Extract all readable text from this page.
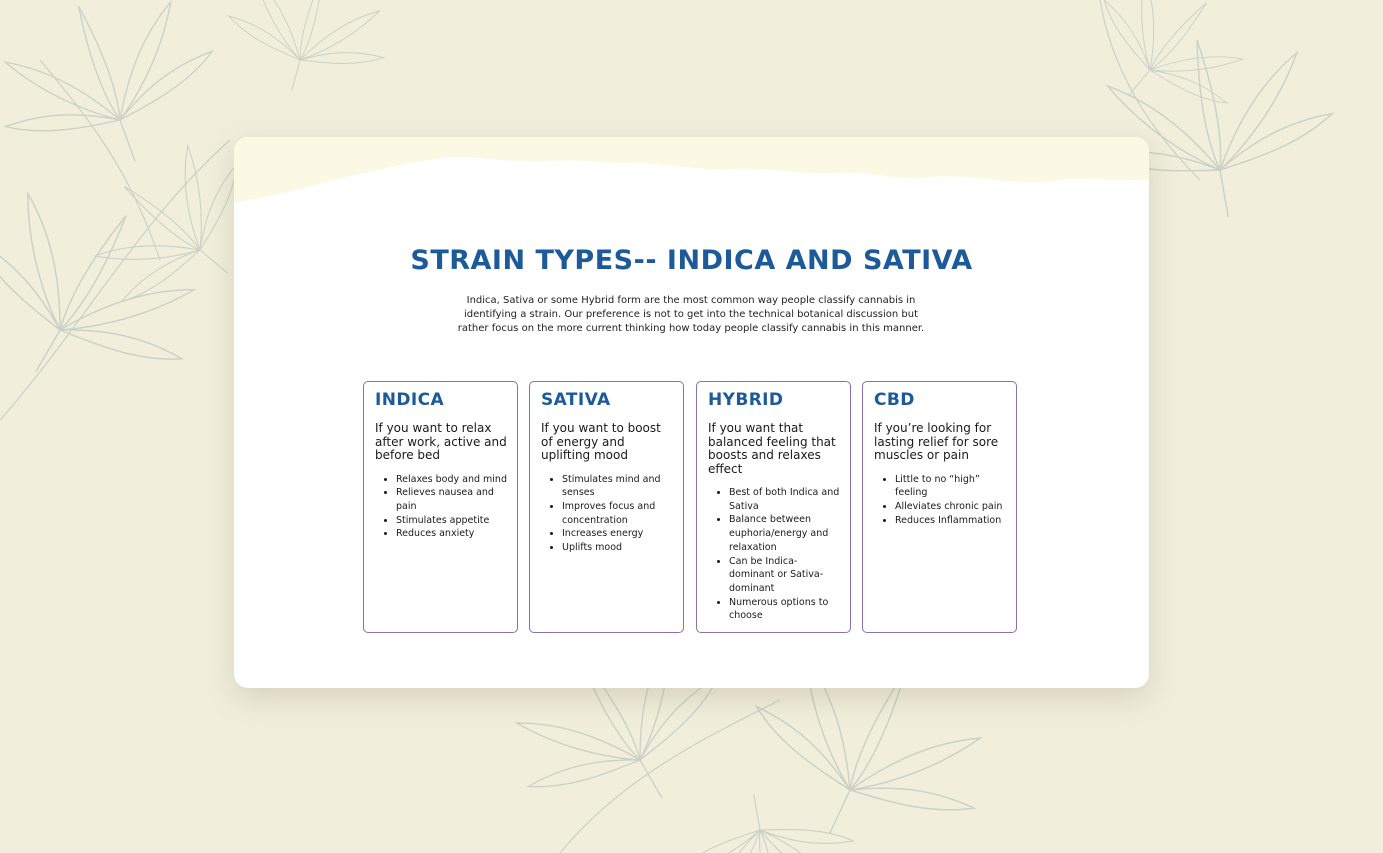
STRAIN TYPES-- INDICA AND SATIVA

Indica, Sativa or some Hybrid form are the most common way people classify cannabis in identifying a strain. Our preference is not to get into the technical botanical discussion but rather focus on the more current thinking how today people classify cannabis in this manner.

INDICA

If you want to relax after work, active and before bed

• Relaxes body and mind
• Relieves nausea and pain
• Stimulates appetite
• Reduces anxiety
SATIVA

If you want to boost of energy and uplifting mood

• Stimulates mind and senses
• Improves focus and concentration
• Increases energy
• Uplifts mood
HYBRID

If you want that balanced feeling that boosts and relaxes effect

• Best of both Indica and Sativa
• Balance between euphoria/energy and relaxation
• Can be Indica-dominant or Sativa-dominant
• Numerous options to choose
CBD

If you’re looking for lasting relief for sore muscles or pain

• Little to no “high” feeling
• Alleviates chronic pain
• Reduces Inflammation
